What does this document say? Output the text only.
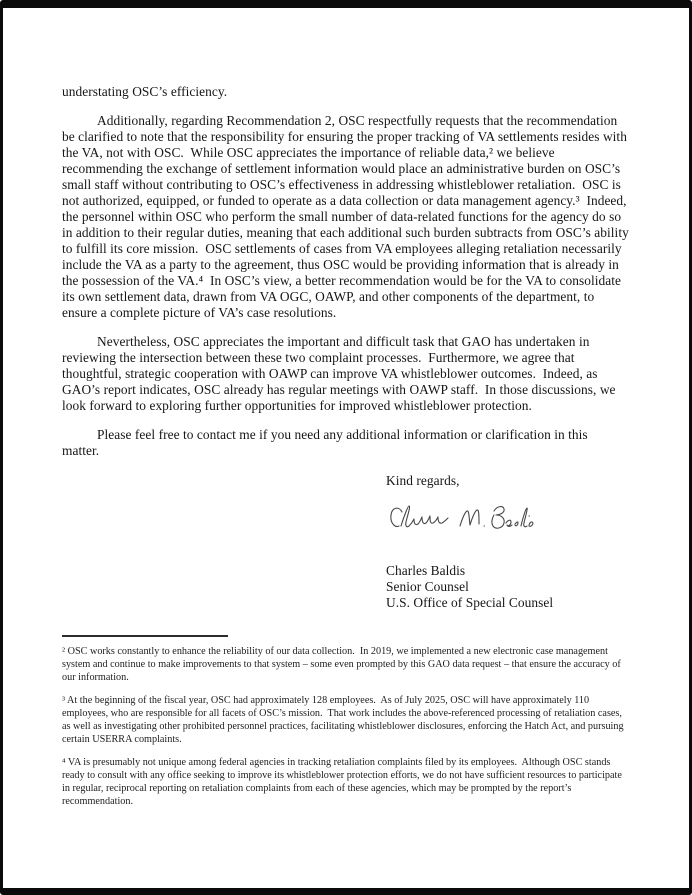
understating OSC’s efficiency.
Additionally, regarding Recommendation 2, OSC respectfully requests that the recommendation
be clarified to note that the responsibility for ensuring the proper tracking of VA settlements resides with
the VA, not with OSC.  While OSC appreciates the importance of reliable data,² we believe
recommending the exchange of settlement information would place an administrative burden on OSC’s
small staff without contributing to OSC’s effectiveness in addressing whistleblower retaliation.  OSC is
not authorized, equipped, or funded to operate as a data collection or data management agency.³  Indeed,
the personnel within OSC who perform the small number of data-related functions for the agency do so
in addition to their regular duties, meaning that each additional such burden subtracts from OSC’s ability
to fulfill its core mission.  OSC settlements of cases from VA employees alleging retaliation necessarily
include the VA as a party to the agreement, thus OSC would be providing information that is already in
the possession of the VA.⁴  In OSC’s view, a better recommendation would be for the VA to consolidate
its own settlement data, drawn from VA OGC, OAWP, and other components of the department, to
ensure a complete picture of VA’s case resolutions.
Nevertheless, OSC appreciates the important and difficult task that GAO has undertaken in
reviewing the intersection between these two complaint processes.  Furthermore, we agree that
thoughtful, strategic cooperation with OAWP can improve VA whistleblower outcomes.  Indeed, as
GAO’s report indicates, OSC already has regular meetings with OAWP staff.  In those discussions, we
look forward to exploring further opportunities for improved whistleblower protection.
Please feel free to contact me if you need any additional information or clarification in this
matter.
Kind regards,
Charles Baldis
Senior Counsel
U.S. Office of Special Counsel
² OSC works constantly to enhance the reliability of our data collection.  In 2019, we implemented a new electronic case management
system and continue to make improvements to that system – some even prompted by this GAO data request – that ensure the accuracy of
our information.
³ At the beginning of the fiscal year, OSC had approximately 128 employees.  As of July 2025, OSC will have approximately 110
employees, who are responsible for all facets of OSC’s mission.  That work includes the above-referenced processing of retaliation cases,
as well as investigating other prohibited personnel practices, facilitating whistleblower disclosures, enforcing the Hatch Act, and pursuing
certain USERRA complaints.
⁴ VA is presumably not unique among federal agencies in tracking retaliation complaints filed by its employees.  Although OSC stands
ready to consult with any office seeking to improve its whistleblower protection efforts, we do not have sufficient resources to participate
in regular, reciprocal reporting on retaliation complaints from each of these agencies, which may be prompted by the report’s
recommendation.
